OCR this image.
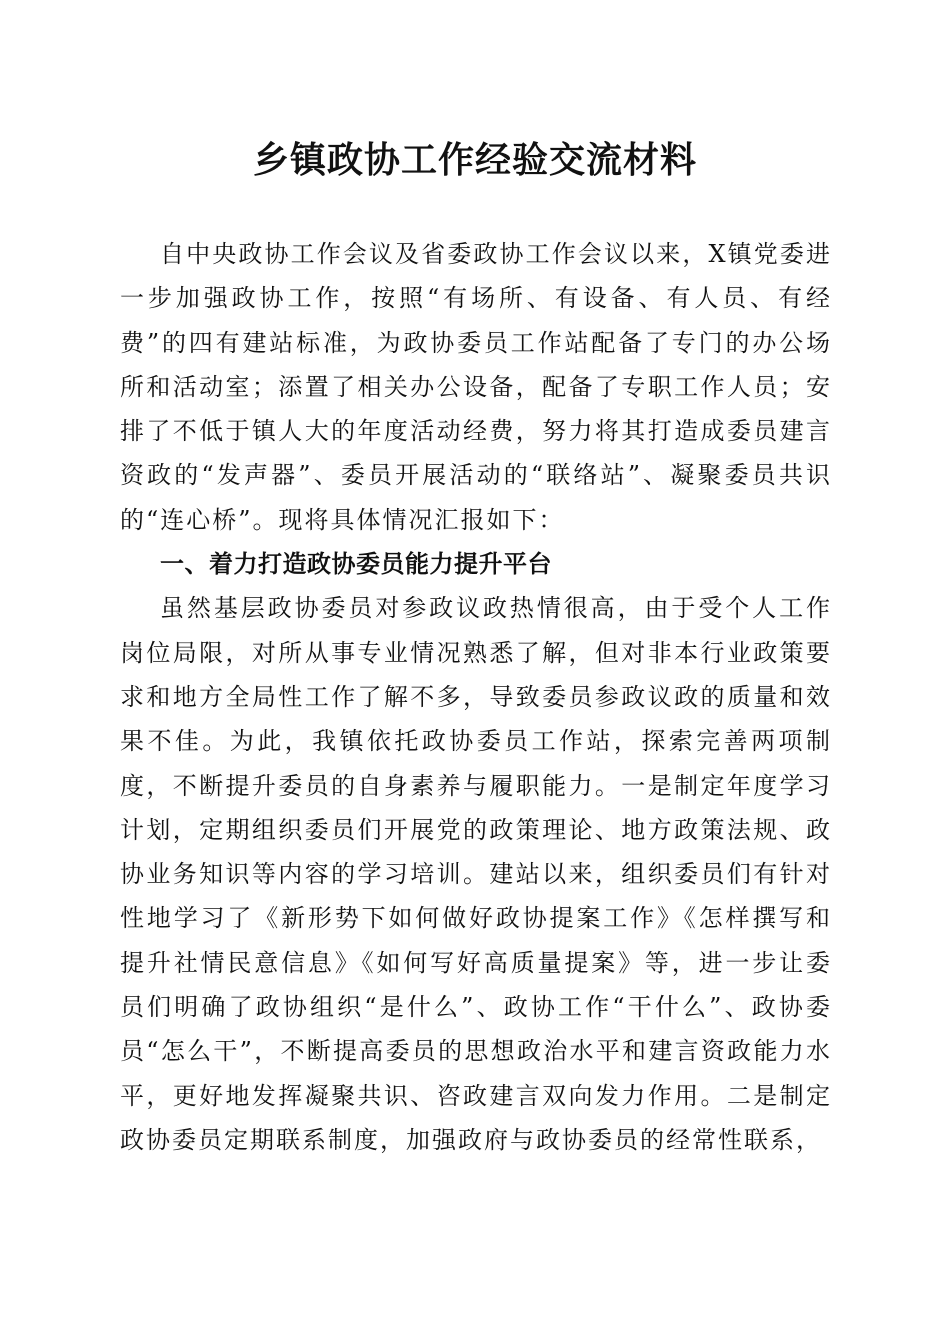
乡镇政协工作经验交流材料

自中央政协工作会议及省委政协工作会议以来，X镇党委进一步加强政协工作，按照“有场所、有设备、有人员、有经费”的四有建站标准，为政协委员工作站配备了专门的办公场所和活动室；添置了相关办公设备，配备了专职工作人员；安排了不低于镇人大的年度活动经费，努力将其打造成委员建言资政的“发声器”、委员开展活动的“联络站”、凝聚委员共识的“连心桥”。现将具体情况汇报如下：

一、着力打造政协委员能力提升平台

虽然基层政协委员对参政议政热情很高，由于受个人工作岗位局限，对所从事专业情况熟悉了解，但对非本行业政策要求和地方全局性工作了解不多，导致委员参政议政的质量和效果不佳。为此，我镇依托政协委员工作站，探索完善两项制度，不断提升委员的自身素养与履职能力。一是制定年度学习计划，定期组织委员们开展党的政策理论、地方政策法规、政协业务知识等内容的学习培训。建站以来，组织委员们有针对性地学习了《新形势下如何做好政协提案工作》《怎样撰写和提升社情民意信息》《如何写好高质量提案》等，进一步让委员们明确了政协组织“是什么”、政协工作“干什么”、政协委员“怎么干”，不断提高委员的思想政治水平和建言资政能力水平，更好地发挥凝聚共识、咨政建言双向发力作用。二是制定政协委员定期联系制度，加强政府与政协委员的经常性联系，
